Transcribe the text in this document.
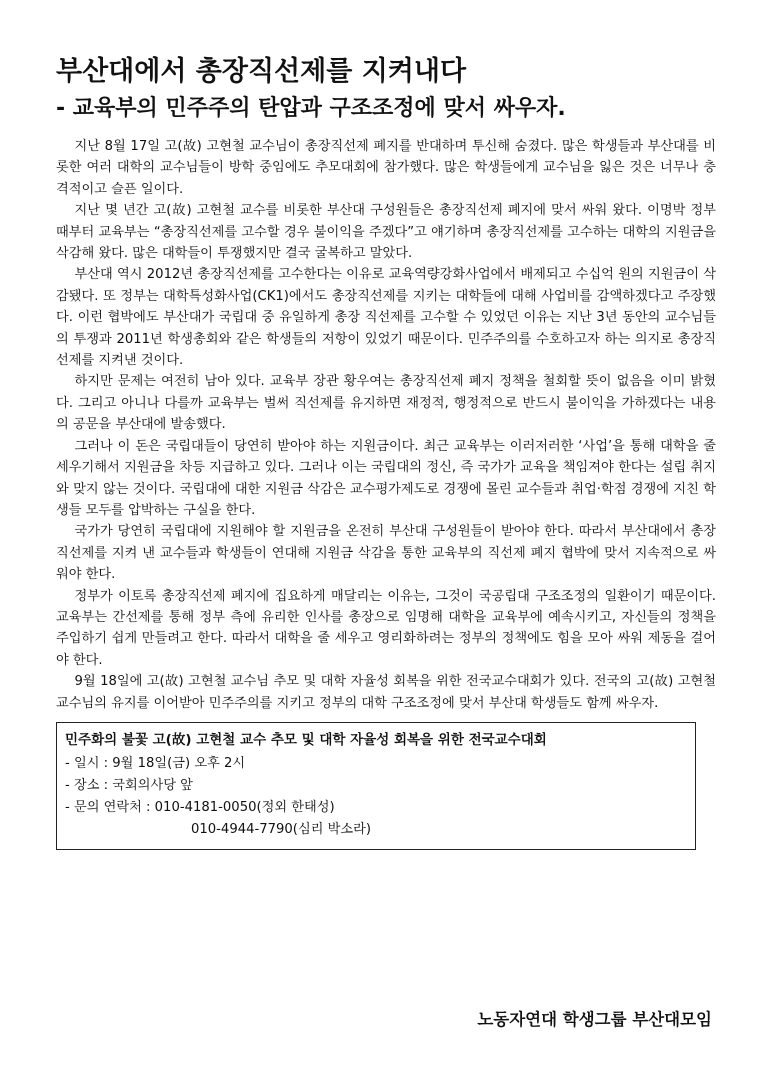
부산대에서 총장직선제를 지켜내다
- 교육부의 민주주의 탄압과 구조조정에 맞서 싸우자.

지난 8월 17일 고(故) 고현철 교수님이 총장직선제 폐지를 반대하며 투신해 숨졌다. 많은 학생들과 부산대를 비롯한 여러 대학의 교수님들이 방학 중임에도 추모대회에 참가했다. 많은 학생들에게 교수님을 잃은 것은 너무나 충격적이고 슬픈 일이다.

지난 몇 년간 고(故) 고현철 교수를 비롯한 부산대 구성원들은 총장직선제 폐지에 맞서 싸워 왔다. 이명박 정부 때부터 교육부는 “총장직선제를 고수할 경우 불이익을 주겠다”고 얘기하며 총장직선제를 고수하는 대학의 지원금을 삭감해 왔다. 많은 대학들이 투쟁했지만 결국 굴복하고 말았다.

부산대 역시 2012년 총장직선제를 고수한다는 이유로 교육역량강화사업에서 배제되고 수십억 원의 지원금이 삭감됐다. 또 정부는 대학특성화사업(CK1)에서도 총장직선제를 지키는 대학들에 대해 사업비를 감액하겠다고 주장했다. 이런 협박에도 부산대가 국립대 중 유일하게 총장 직선제를 고수할 수 있었던 이유는 지난 3년 동안의 교수님들의 투쟁과 2011년 학생총회와 같은 학생들의 저항이 있었기 때문이다. 민주주의를 수호하고자 하는 의지로 총장직선제를 지켜낸 것이다.

하지만 문제는 여전히 남아 있다. 교육부 장관 황우여는 총장직선제 폐지 정책을 철회할 뜻이 없음을 이미 밝혔다. 그리고 아니나 다를까 교육부는 벌써 직선제를 유지하면 재정적, 행정적으로 반드시 불이익을 가하겠다는 내용의 공문을 부산대에 발송했다.

그러나 이 돈은 국립대들이 당연히 받아야 하는 지원금이다. 최근 교육부는 이러저러한 ‘사업’을 통해 대학을 줄 세우기해서 지원금을 차등 지급하고 있다. 그러나 이는 국립대의 정신, 즉 국가가 교육을 책임져야 한다는 설립 취지와 맞지 않는 것이다. 국립대에 대한 지원금 삭감은 교수평가제도로 경쟁에 몰린 교수들과 취업·학점 경쟁에 지친 학생들 모두를 압박하는 구실을 한다.

국가가 당연히 국립대에 지원해야 할 지원금을 온전히 부산대 구성원들이 받아야 한다. 따라서 부산대에서 총장직선제를 지켜 낸 교수들과 학생들이 연대해 지원금 삭감을 통한 교육부의 직선제 폐지 협박에 맞서 지속적으로 싸워야 한다.

정부가 이토록 총장직선제 폐지에 집요하게 매달리는 이유는, 그것이 국공립대 구조조정의 일환이기 때문이다. 교육부는 간선제를 통해 정부 측에 유리한 인사를 총장으로 임명해 대학을 교육부에 예속시키고, 자신들의 정책을 주입하기 쉽게 만들려고 한다. 따라서 대학을 줄 세우고 영리화하려는 정부의 정책에도 힘을 모아 싸워 제동을 걸어야 한다.

9월 18일에 고(故) 고현철 교수님 추모 및 대학 자율성 회복을 위한 전국교수대회가 있다. 전국의 고(故) 고현철 교수님의 유지를 이어받아 민주주의를 지키고 정부의 대학 구조조정에 맞서 부산대 학생들도 함께 싸우자.

민주화의 불꽃 고(故) 고현철 교수 추모 및 대학 자율성 회복을 위한 전국교수대회
- 일시 : 9월 18일(금) 오후 2시
- 장소 : 국회의사당 앞
- 문의 연락처 : 010-4181-0050(정외 한태성)
010-4944-7790(심리 박소라)
노동자연대 학생그룹 부산대모임
